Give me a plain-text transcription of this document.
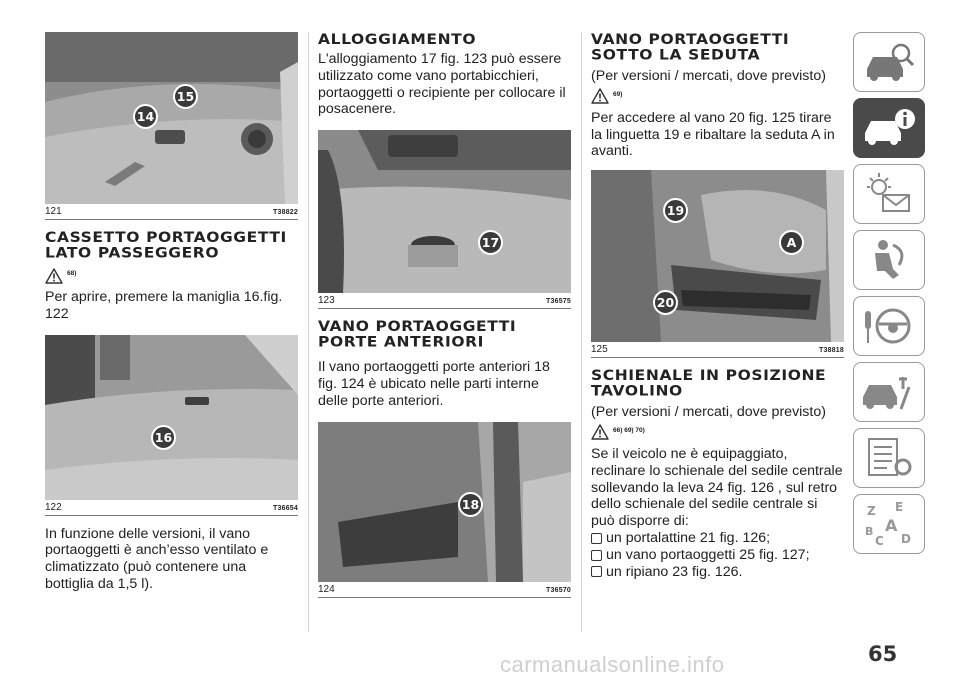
15
14
121	T38822
CASSETTO PORTAOGGETTI LATO PASSEGGERO
68)

Per aprire, premere la maniglia 16.fig. 122

16
122	T36654

In funzione delle versioni, il vano portaoggetti è anch’esso ventilato e climatizzato (può contenere una bottiglia da 1,5 l).

ALLOGGIAMENTO

L'alloggiamento 17 fig. 123 può essere utilizzato come vano portabicchieri, portaoggetti o recipiente per collocare il posacenere.

17
123	T36575
VANO PORTAOGGETTI PORTE ANTERIORI

Il vano portaoggetti porte anteriori 18 fig. 124 è ubicato nelle parti interne delle porte anteriori.

18
124	T36570
VANO PORTAOGGETTI SOTTO LA SEDUTA
(Per versioni / mercati, dove previsto)
69)

Per accedere al vano 20 fig. 125 tirare la linguetta 19 e ribaltare la seduta A in avanti.

19
A
20
125	T38818
SCHIENALE IN POSIZIONE TAVOLINO
(Per versioni / mercati, dove previsto)
66) 69) 70)

Se il veicolo ne è equipaggiato, reclinare lo schienale del sedile centrale sollevando la leva 24 fig. 126 , sul retro dello schienale del sedile centrale si può disporre di:

un portalattine 21 fig. 126;
un vano portaoggetti 25 fig. 127;
un ripiano 23 fig. 126.
Z E
A
B
C D
65
carmanualsonline.info
